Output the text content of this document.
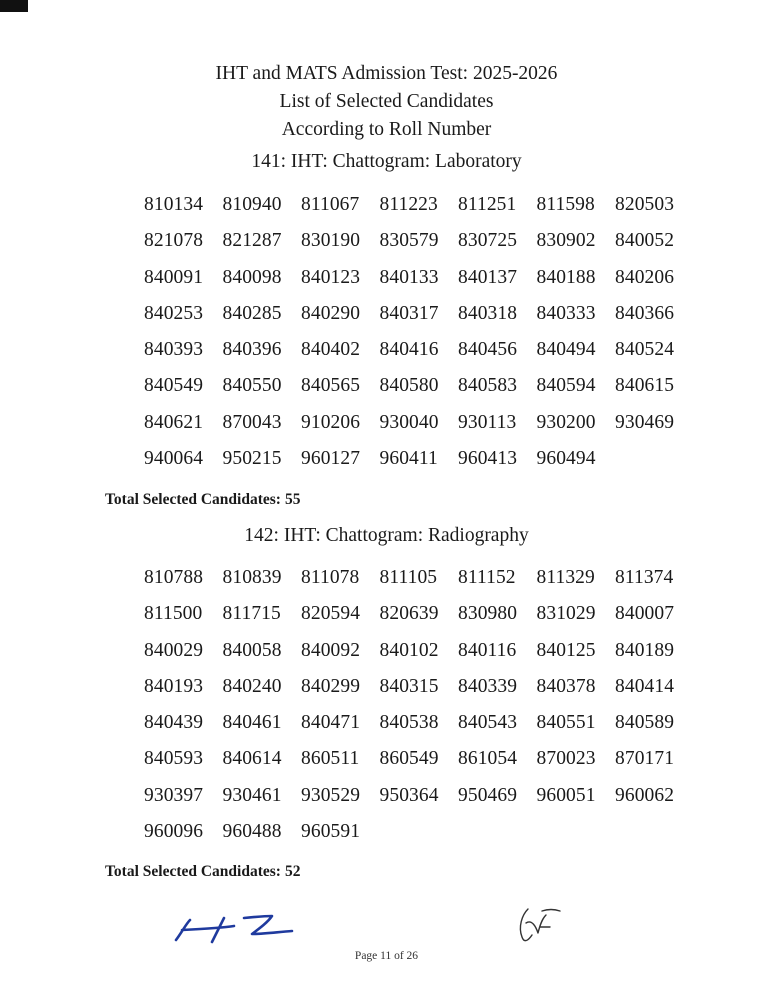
IHT and MATS Admission Test: 2025-2026
List of Selected Candidates
According to Roll Number
141: IHT: Chattogram: Laboratory
810134 810940 811067	811223	811251	811598	820503
821078 821287 830190 830579 830725 830902 840052
840091 840098 840123 840133 840137 840188 840206
840253 840285 840290 840317 840318 840333 840366
840393 840396 840402 840416 840456 840494 840524
840549 840550 840565 840580 840583 840594 840615
840621 870043 910206 930040 930113	930200 930469
940064 950215 960127 960411	960413 960494
Total Selected Candidates: 55
142: IHT: Chattogram: Radiography
810788 810839 811078	811105	811152	811329	811374
811500	811715	820594 820639 830980 831029 840007
840029 840058 840092 840102 840116	840125 840189
840193 840240 840299 840315 840339 840378 840414
840439 840461 840471 840538 840543 840551 840589
840593 840614 860511	860549 861054 870023 870171
930397 930461 930529 950364 950469 960051 960062
960096 960488 960591
Total Selected Candidates: 52
Page 11 of 26
